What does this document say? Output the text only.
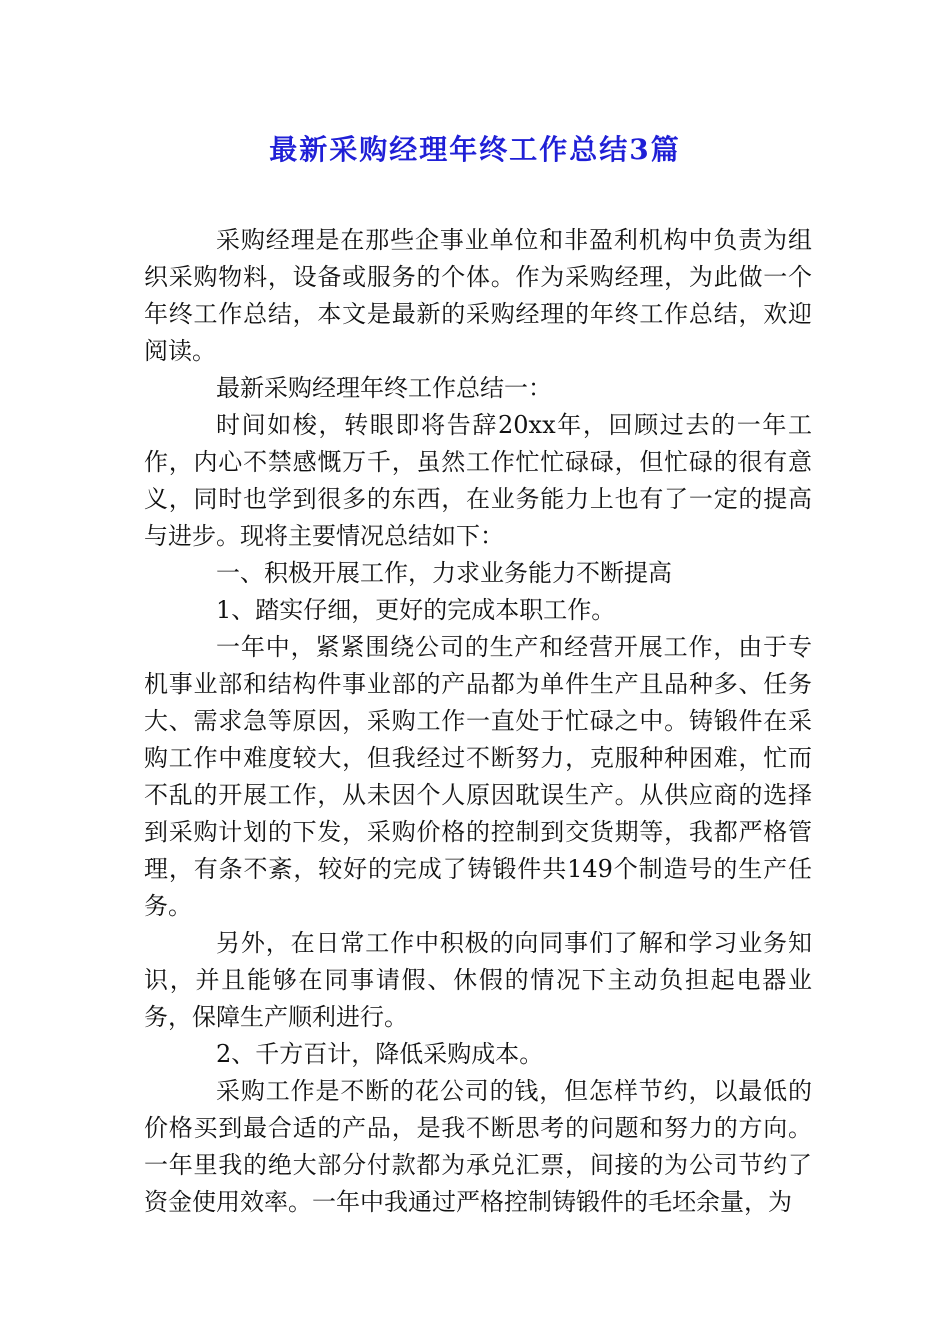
最新采购经理年终工作总结3篇

采购经理是在那些企事业单位和非盈利机构中负责为组织采购物料，设备或服务的个体。作为采购经理，为此做一个年终工作总结，本文是最新的采购经理的年终工作总结，欢迎阅读。

最新采购经理年终工作总结一：

时间如梭，转眼即将告辞20xx年，回顾过去的一年工作，内心不禁感慨万千，虽然工作忙忙碌碌，但忙碌的很有意义，同时也学到很多的东西，在业务能力上也有了一定的提高与进步。现将主要情况总结如下：

一、积极开展工作，力求业务能力不断提高

1、踏实仔细，更好的完成本职工作。

一年中，紧紧围绕公司的生产和经营开展工作，由于专机事业部和结构件事业部的产品都为单件生产且品种多、任务大、需求急等原因，采购工作一直处于忙碌之中。铸锻件在采购工作中难度较大，但我经过不断努力，克服种种困难，忙而不乱的开展工作，从未因个人原因耽误生产。从供应商的选择到采购计划的下发，采购价格的控制到交货期等，我都严格管理，有条不紊，较好的完成了铸锻件共149个制造号的生产任务。

另外，在日常工作中积极的向同事们了解和学习业务知识，并且能够在同事请假、休假的情况下主动负担起电器业务，保障生产顺利进行。

2、千方百计，降低采购成本。

采购工作是不断的花公司的钱，但怎样节约，以最低的价格买到最合适的产品，是我不断思考的问题和努力的方向。一年里我的绝大部分付款都为承兑汇票，间接的为公司节约了资金使用效率。一年中我通过严格控制铸锻件的毛坯余量，为
